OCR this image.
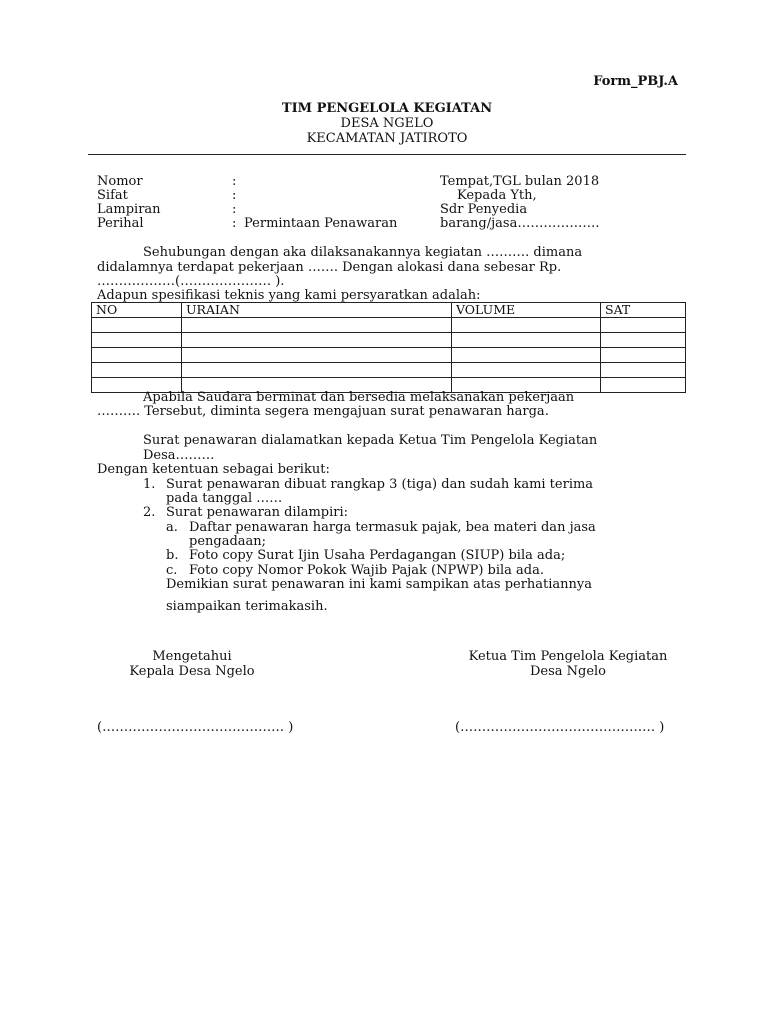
Form_PBJ.A
TIM PENGELOLA KEGIATAN
DESA NGELO
KECAMATAN JATIROTO
Nomor	:
Sifat	:
Lampiran	:
Perihal	: Permintaan Penawaran
Tempat,TGL bulan 2018
Kepada Yth,
Sdr Penyedia
barang/jasa……………….
Sehubungan dengan aka dilaksanakannya kegiatan ………. dimana
didalamnya terdapat pekerjaan ……. Dengan alokasi dana sebesar Rp.
………………(………………… ).
Adapun spesifikasi teknis yang kami persyaratkan adalah:
NO	URAIAN	VOLUME	SAT

Apabila Saudara berminat dan bersedia melaksanakan pekerjaan
………. Tersebut, diminta segera mengajuan surat penawaran harga.
Surat penawaran dialamatkan kepada Ketua Tim Pengelola Kegiatan
Desa………
Dengan ketentuan sebagai berikut:
1. Surat penawaran dibuat rangkap 3 (tiga) dan sudah kami terima
pada tanggal ……
2. Surat penawaran dilampiri:
a. Daftar penawaran harga termasuk pajak, bea materi dan jasa
pengadaan;
b. Foto copy Surat Ijin Usaha Perdagangan (SIUP) bila ada;
c. Foto copy Nomor Pokok Wajib Pajak (NPWP) bila ada.
Demikian surat penawaran ini kami sampikan atas perhatiannya
siampaikan terimakasih.
Mengetahui
Kepala Desa Ngelo
(…………………………………… )
Ketua Tim Pengelola Kegiatan
Desa Ngelo
(……………………………………… )
